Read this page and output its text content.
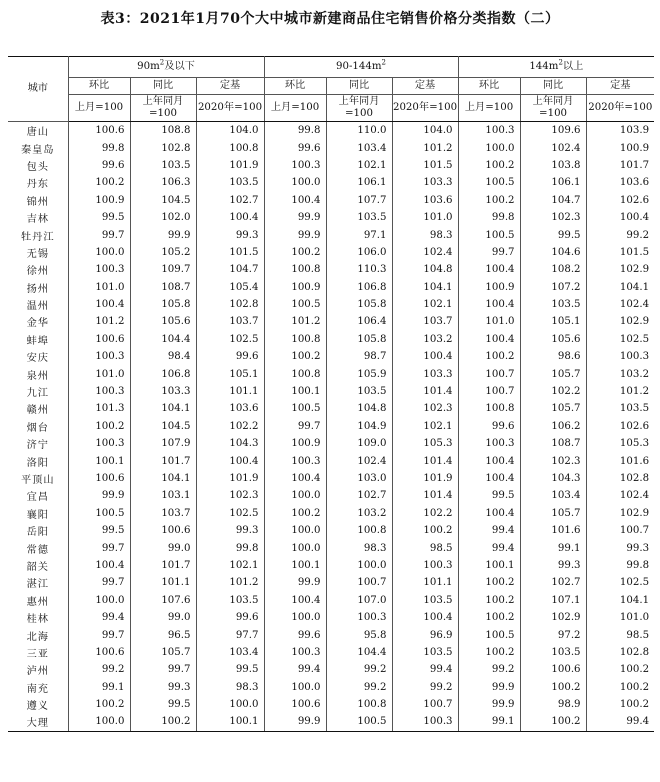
表3：2021年1月70个大中城市新建商品住宅销售价格分类指数（二）
城市	$90m^2$及以下			$90-144m^2$			$144m^2$以上		
	环比	同比	定基	环比	同比	定基	环比	同比	定基
	上月=100	上年同月=100	2020年=100	上月=100	上年同月=100	2020年=100	上月=100	上年同月=100	2020年=100
唐山	100.6	108.8	104.0	99.8	110.0	104.0	100.3	109.6	103.9
秦皇岛	99.8	102.8	100.8	99.6	103.4	101.2	100.0	102.4	100.9
包头	99.6	103.5	101.9	100.3	102.1	101.5	100.2	103.8	101.7
丹东	100.2	106.3	103.5	100.0	106.1	103.3	100.5	106.1	103.6
锦州	100.9	104.5	102.7	100.4	107.7	103.6	100.2	104.7	102.6
吉林	99.5	102.0	100.4	99.9	103.5	101.0	99.8	102.3	100.4
牡丹江	99.7	99.9	99.3	99.9	97.1	98.3	100.5	99.5	99.2
无锡	100.0	105.2	101.5	100.2	106.0	102.4	99.7	104.6	101.5
徐州	100.3	109.7	104.7	100.8	110.3	104.8	100.4	108.2	102.9
扬州	101.0	108.7	105.4	100.9	106.8	104.1	100.9	107.2	104.1
温州	100.4	105.8	102.8	100.5	105.8	102.1	100.4	103.5	102.4
金华	101.2	105.6	103.7	101.2	106.4	103.7	101.0	105.1	102.9
蚌埠	100.6	104.4	102.5	100.8	105.8	103.2	100.4	105.6	102.5
安庆	100.3	98.4	99.6	100.2	98.7	100.4	100.2	98.6	100.3
泉州	101.0	106.8	105.1	100.8	105.9	103.3	100.7	105.7	103.2
九江	100.3	103.3	101.1	100.1	103.5	101.4	100.7	102.2	101.2
赣州	101.3	104.1	103.6	100.5	104.8	102.3	100.8	105.7	103.5
烟台	100.2	104.5	102.2	99.7	104.9	102.1	99.6	106.2	102.6
济宁	100.3	107.9	104.3	100.9	109.0	105.3	100.3	108.7	105.3
洛阳	100.1	101.7	100.4	100.3	102.4	101.4	100.4	102.3	101.6
平顶山	100.6	104.1	101.9	100.4	103.0	101.9	100.4	104.3	102.8
宜昌	99.9	103.1	102.3	100.0	102.7	101.4	99.5	103.4	102.4
襄阳	100.5	103.7	102.5	100.2	103.2	102.2	100.4	105.7	102.9
岳阳	99.5	100.6	99.3	100.0	100.8	100.2	99.4	101.6	100.7
常德	99.7	99.0	99.8	100.0	98.3	98.5	99.4	99.1	99.3
韶关	100.4	101.7	102.1	100.1	100.0	100.3	100.1	99.3	99.8
湛江	99.7	101.1	101.2	99.9	100.7	101.1	100.2	102.7	102.5
惠州	100.0	107.6	103.5	100.4	107.0	103.5	100.2	107.1	104.1
桂林	99.4	99.0	99.6	100.0	100.3	100.4	100.2	102.9	101.0
北海	99.7	96.5	97.7	99.6	95.8	96.9	100.5	97.2	98.5
三亚	100.6	105.7	103.4	100.3	104.4	103.5	100.2	103.5	102.8
泸州	99.2	99.7	99.5	99.4	99.2	99.4	99.2	100.6	100.2
南充	99.1	99.3	98.3	100.0	99.2	99.2	99.9	100.2	100.2
遵义	100.2	99.5	100.0	100.6	100.8	100.7	99.9	98.9	100.2
大理	100.0	100.2	100.1	99.9	100.5	100.3	99.1	100.2	99.4
